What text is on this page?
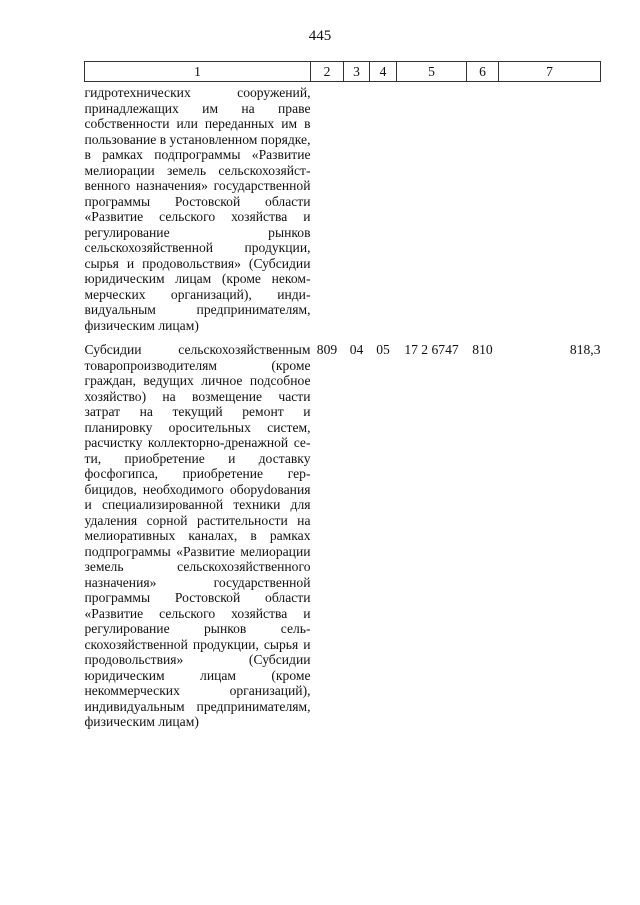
445
1	2	3	4	5	6	7

гидротехнических сооружений, принадлежащих им на праве собственности или переданных им в пользование в установленном порядке, в рамках подпрограммы «Развитие мелиорации земель сельскохозяйственного назначения» государственной программы Ростовской области «Развитие сельского хозяйства и регулирование рынков сельскохозяйственной продукции, сырья и продовольствия» (Субсидии юридическим лицам (кроме некоммерческих организаций), индивидуальным предпринимателям, физическим лицам)						

Субсидии сельскохозяйственным товаропроизводителям (кроме граждан, ведущих личное подсобное хозяйство) на возмещение части затрат на текущий ремонт и планировку оросительных систем, расчистку коллекторно-дренажной сети, приобретение и доставку фосфогипса, приобретение гербицидов, необходимого оборуdования и специализированной техники для удаления сорной растительности на мелиоративных каналах, в рамках подпрограммы «Развитие мелиорации земель сельскохозяйственного назначения» государственной программы Ростовской области «Развитие сельского хозяйства и регулирование рынков сельскохозяйственной продукции, сырья и продовольствия» (Субсидии юридическим лицам (кроме некоммерческих организаций), индивидуальным предпринимателям, физическим лицам)	809	04	05	17 2 6747	810	818,3
